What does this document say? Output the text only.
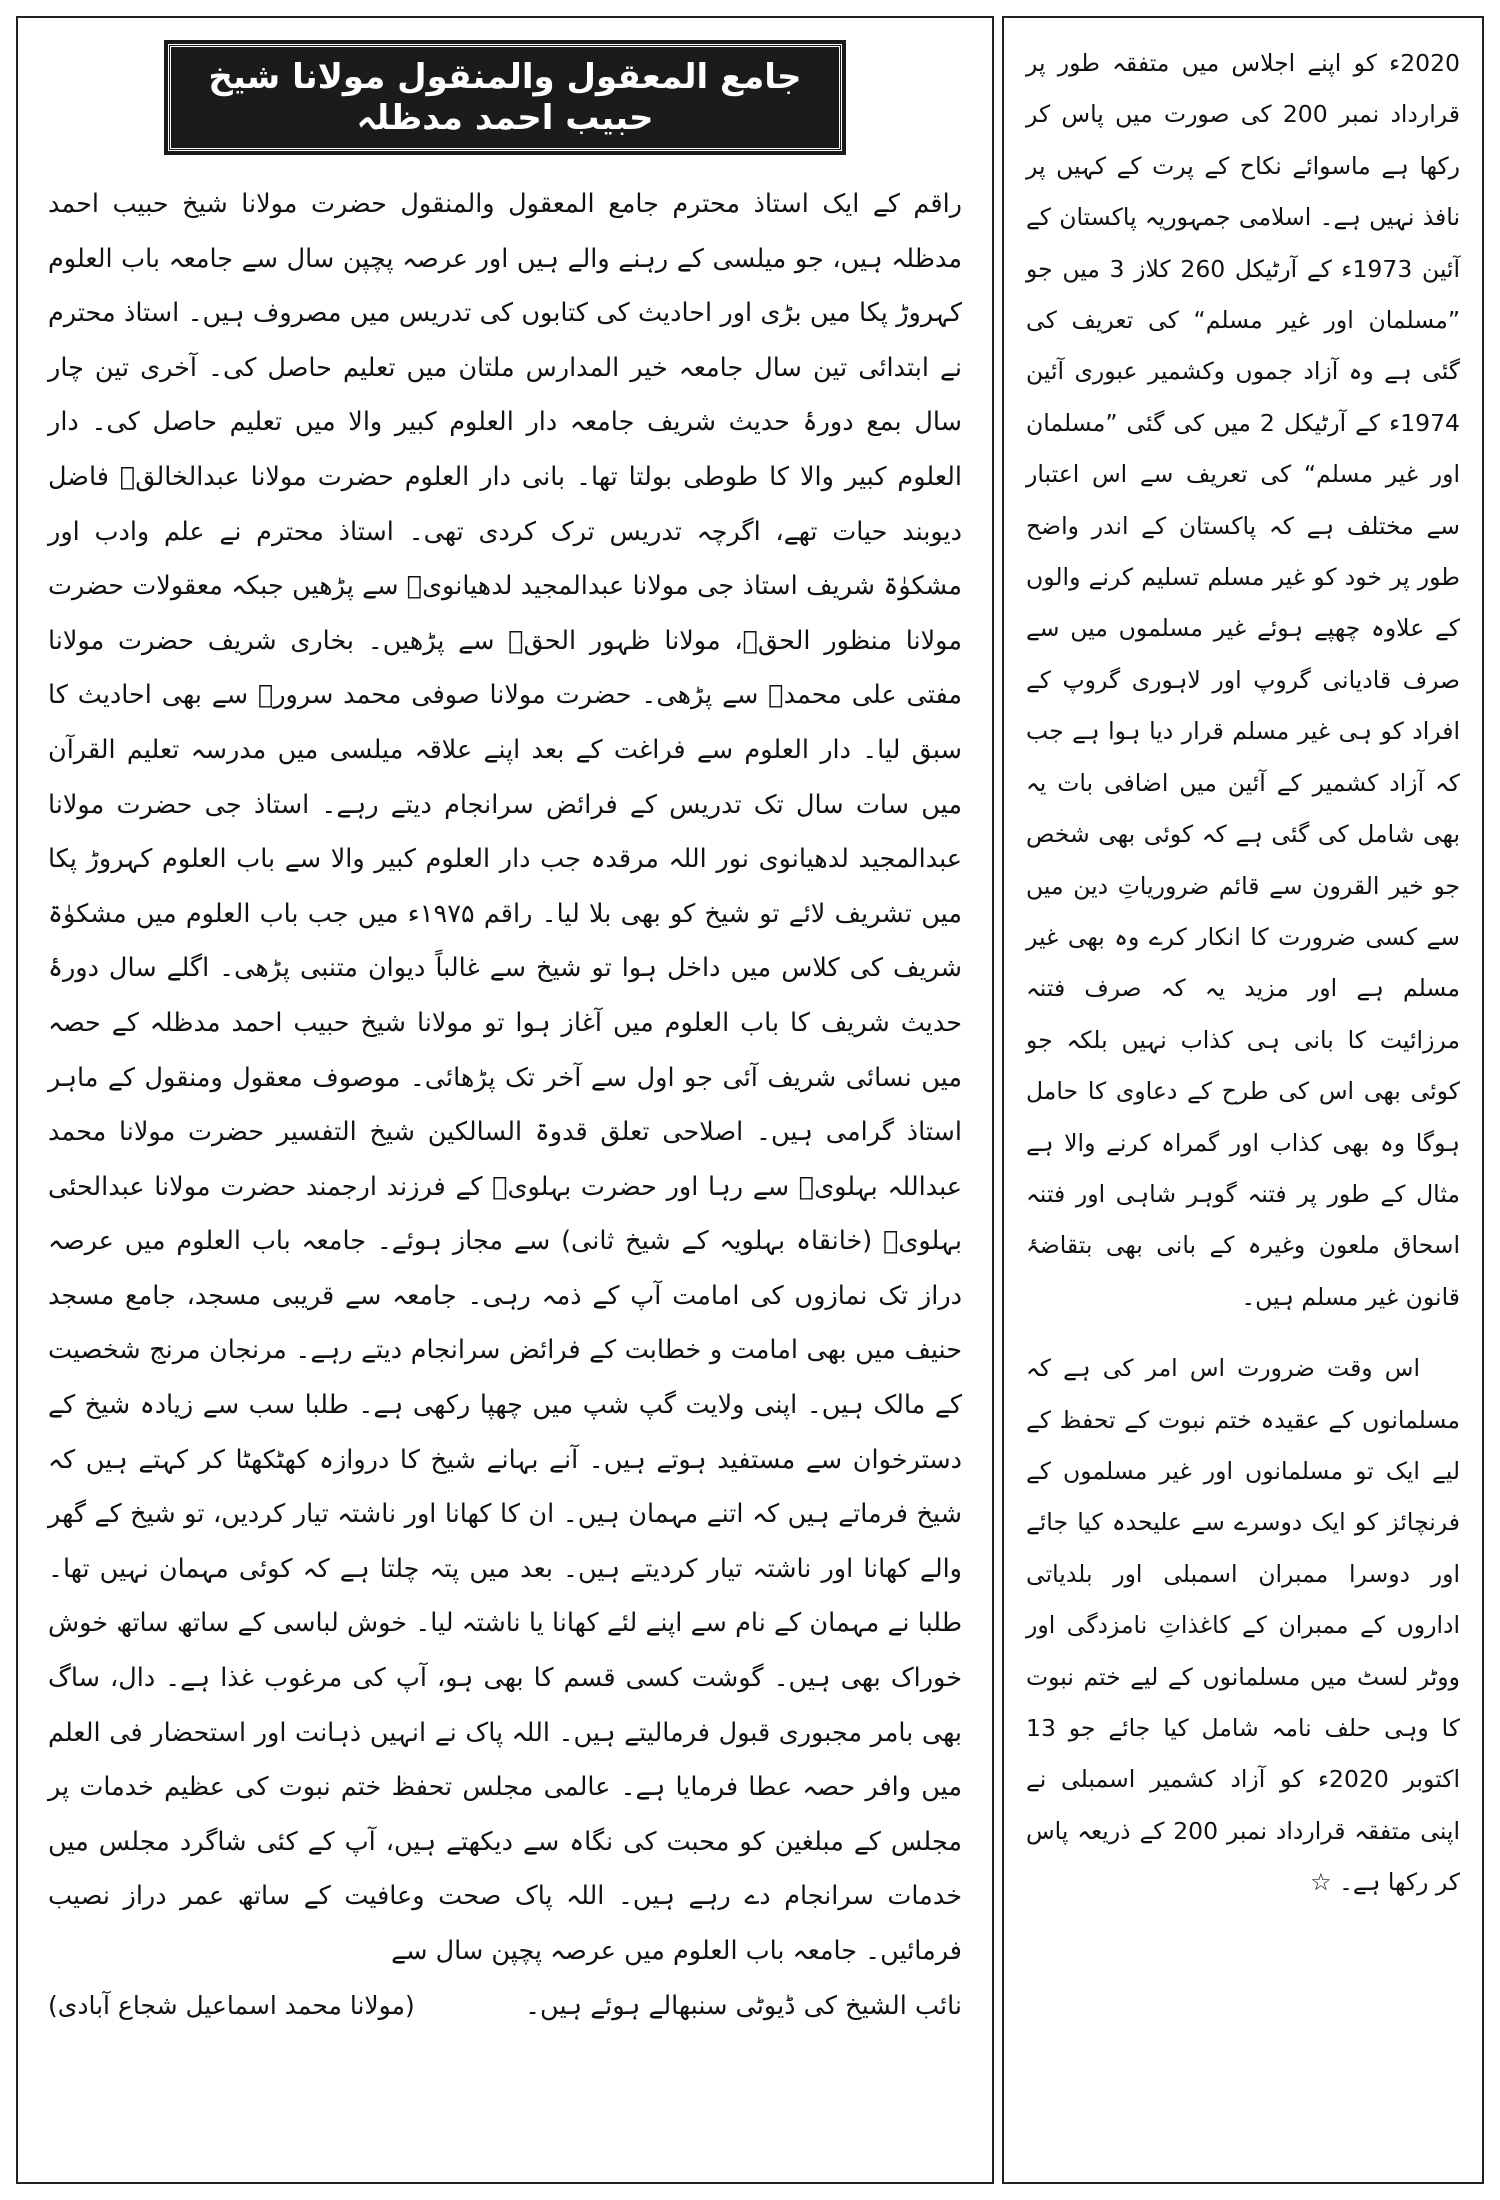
جامع المعقول والمنقول مولانا شیخ حبیب احمد مدظلہ

راقم کے ایک استاذ محترم جامع المعقول والمنقول حضرت مولانا شیخ حبیب احمد مدظلہ ہیں، جو میلسی کے رہنے والے ہیں اور عرصہ پچپن سال سے جامعہ باب العلوم کہروڑ پکا میں بڑی اور احادیث کی کتابوں کی تدریس میں مصروف ہیں۔ استاذ محترم نے ابتدائی تین سال جامعہ خیر المدارس ملتان میں تعلیم حاصل کی۔ آخری تین چار سال بمع دورۂ حدیث شریف جامعہ دار العلوم کبیر والا میں تعلیم حاصل کی۔ دار العلوم کبیر والا کا طوطی بولتا تھا۔ بانی دار العلوم حضرت مولانا عبدالخالقؒ فاضل دیوبند حیات تھے، اگرچہ تدریس ترک کردی تھی۔ استاذ محترم نے علم وادب اور مشکوٰۃ شریف استاذ جی مولانا عبدالمجید لدھیانویؒ سے پڑھیں جبکہ معقولات حضرت مولانا منظور الحقؒ، مولانا ظہور الحقؒ سے پڑھیں۔ بخاری شریف حضرت مولانا مفتی علی محمدؒ سے پڑھی۔ حضرت مولانا صوفی محمد سرورؒ سے بھی احادیث کا سبق لیا۔ دار العلوم سے فراغت کے بعد اپنے علاقہ میلسی میں مدرسہ تعلیم القرآن میں سات سال تک تدریس کے فرائض سرانجام دیتے رہے۔ استاذ جی حضرت مولانا عبدالمجید لدھیانوی نور اللہ مرقدہ جب دار العلوم کبیر والا سے باب العلوم کہروڑ پکا میں تشریف لائے تو شیخ کو بھی بلا لیا۔ راقم ۱۹۷۵ء میں جب باب العلوم میں مشکوٰۃ شریف کی کلاس میں داخل ہوا تو شیخ سے غالباً دیوان متنبی پڑھی۔ اگلے سال دورۂ حدیث شریف کا باب العلوم میں آغاز ہوا تو مولانا شیخ حبیب احمد مدظلہ کے حصہ میں نسائی شریف آئی جو اول سے آخر تک پڑھائی۔ موصوف معقول ومنقول کے ماہر استاذ گرامی ہیں۔ اصلاحی تعلق قدوۃ السالکین شیخ التفسیر حضرت مولانا محمد عبداللہ بہلویؒ سے رہا اور حضرت بہلویؒ کے فرزند ارجمند حضرت مولانا عبدالحئی بہلویؒ (خانقاہ بہلویہ کے شیخ ثانی) سے مجاز ہوئے۔ جامعہ باب العلوم میں عرصہ دراز تک نمازوں کی امامت آپ کے ذمہ رہی۔ جامعہ سے قریبی مسجد، جامع مسجد حنیف میں بھی امامت و خطابت کے فرائض سرانجام دیتے رہے۔ مرنجان مرنج شخصیت کے مالک ہیں۔ اپنی ولایت گپ شپ میں چھپا رکھی ہے۔ طلبا سب سے زیادہ شیخ کے دسترخوان سے مستفید ہوتے ہیں۔ آنے بہانے شیخ کا دروازہ کھٹکھٹا کر کہتے ہیں کہ شیخ فرماتے ہیں کہ اتنے مہمان ہیں۔ ان کا کھانا اور ناشتہ تیار کردیں، تو شیخ کے گھر والے کھانا اور ناشتہ تیار کردیتے ہیں۔ بعد میں پتہ چلتا ہے کہ کوئی مہمان نہیں تھا۔ طلبا نے مہمان کے نام سے اپنے لئے کھانا یا ناشتہ لیا۔ خوش لباسی کے ساتھ ساتھ خوش خوراک بھی ہیں۔ گوشت کسی قسم کا بھی ہو، آپ کی مرغوب غذا ہے۔ دال، ساگ بھی بامر مجبوری قبول فرمالیتے ہیں۔ اللہ پاک نے انہیں ذہانت اور استحضار فی العلم میں وافر حصہ عطا فرمایا ہے۔ عالمی مجلس تحفظ ختم نبوت کی عظیم خدمات پر مجلس کے مبلغین کو محبت کی نگاہ سے دیکھتے ہیں، آپ کے کئی شاگرد مجلس میں خدمات سرانجام دے رہے ہیں۔ اللہ پاک صحت وعافیت کے ساتھ عمر دراز نصیب فرمائیں۔ جامعہ باب العلوم میں عرصہ پچپن سال سے

نائب الشیخ کی ڈیوٹی سنبھالے ہوئے ہیں۔
(مولانا محمد اسماعیل شجاع آبادی)

2020ء کو اپنے اجلاس میں متفقہ طور پر قرارداد نمبر 200 کی صورت میں پاس کر رکھا ہے ماسوائے نکاح کے پرت کے کہیں پر نافذ نہیں ہے۔ اسلامی جمہوریہ پاکستان کے آئین 1973ء کے آرٹیکل 260 کلاز 3 میں جو ”مسلمان اور غیر مسلم“ کی تعریف کی گئی ہے وہ آزاد جموں وکشمیر عبوری آئین 1974ء کے آرٹیکل 2 میں کی گئی ”مسلمان اور غیر مسلم“ کی تعریف سے اس اعتبار سے مختلف ہے کہ پاکستان کے اندر واضح طور پر خود کو غیر مسلم تسلیم کرنے والوں کے علاوہ چھپے ہوئے غیر مسلموں میں سے صرف قادیانی گروپ اور لاہوری گروپ کے افراد کو ہی غیر مسلم قرار دیا ہوا ہے جب کہ آزاد کشمیر کے آئین میں اضافی بات یہ بھی شامل کی گئی ہے کہ کوئی بھی شخص جو خیر القرون سے قائم ضروریاتِ دین میں سے کسی ضرورت کا انکار کرے وہ بھی غیر مسلم ہے اور مزید یہ کہ صرف فتنہ مرزائیت کا بانی ہی کذاب نہیں بلکہ جو کوئی بھی اس کی طرح کے دعاوی کا حامل ہوگا وہ بھی کذاب اور گمراہ کرنے والا ہے مثال کے طور پر فتنہ گوہر شاہی اور فتنہ اسحاق ملعون وغیرہ کے بانی بھی بتقاضۂ قانون غیر مسلم ہیں۔

اس وقت ضرورت اس امر کی ہے کہ مسلمانوں کے عقیدہ ختم نبوت کے تحفظ کے لیے ایک تو مسلمانوں اور غیر مسلموں کے فرنچائز کو ایک دوسرے سے علیحدہ کیا جائے اور دوسرا ممبران اسمبلی اور بلدیاتی اداروں کے ممبران کے کاغذاتِ نامزدگی اور ووٹر لسٹ میں مسلمانوں کے لیے ختم نبوت کا وہی حلف نامہ شامل کیا جائے جو 13 اکتوبر 2020ء کو آزاد کشمیر اسمبلی نے اپنی متفقہ قرارداد نمبر 200 کے ذریعہ پاس کر رکھا ہے۔ ☆
